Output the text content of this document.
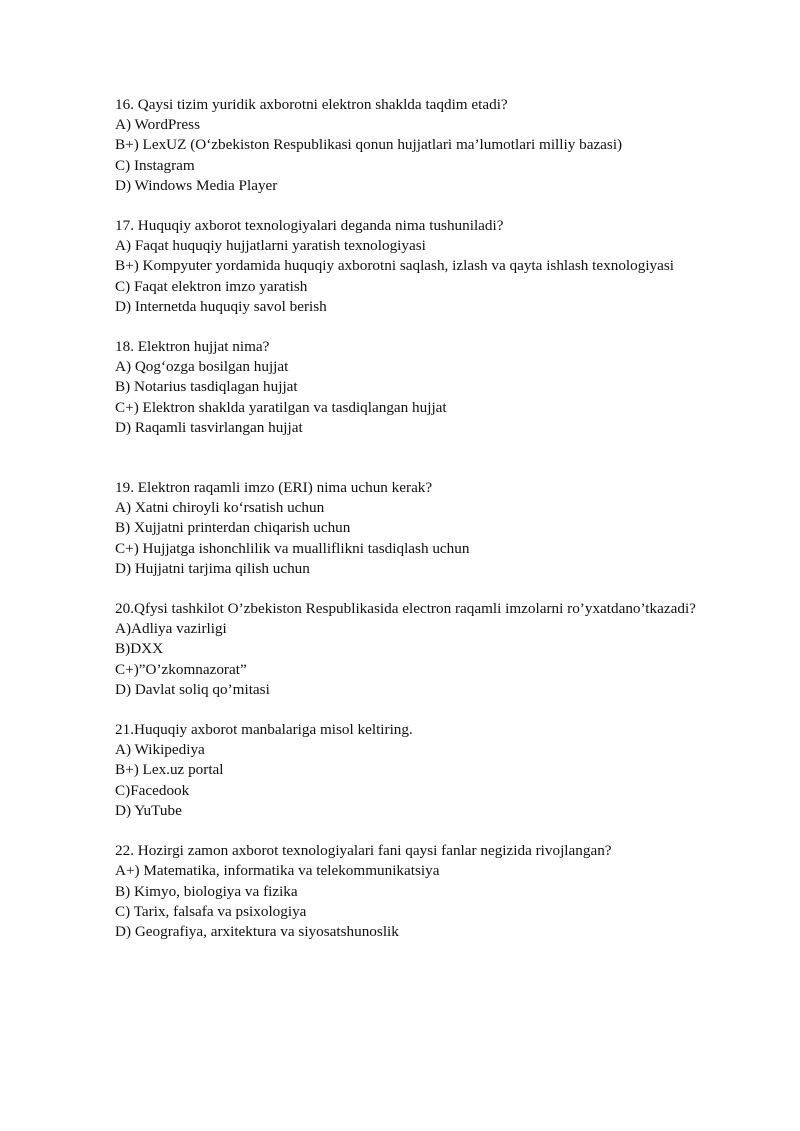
16. Qaysi tizim yuridik axborotni elektron shaklda taqdim etadi?
A) WordPress
B+) LexUZ (O‘zbekiston Respublikasi qonun hujjatlari ma’lumotlari milliy bazasi)
C) Instagram
D) Windows Media Player
17. Huquqiy axborot texnologiyalari deganda nima tushuniladi?
A) Faqat huquqiy hujjatlarni yaratish texnologiyasi
B+) Kompyuter yordamida huquqiy axborotni saqlash, izlash va qayta ishlash texnologiyasi
C) Faqat elektron imzo yaratish
D) Internetda huquqiy savol berish
18. Elektron hujjat nima?
A) Qog‘ozga bosilgan hujjat
B) Notarius tasdiqlagan hujjat
C+) Elektron shaklda yaratilgan va tasdiqlangan hujjat
D) Raqamli tasvirlangan hujjat
19. Elektron raqamli imzo (ERI) nima uchun kerak?
A) Xatni chiroyli ko‘rsatish uchun
B) Xujjatni printerdan chiqarish uchun
C+) Hujjatga ishonchlilik va mualliflikni tasdiqlash uchun
D) Hujjatni tarjima qilish uchun
20.Qfysi tashkilot O’zbekiston Respublikasida electron raqamli imzolarni ro’yxatdano’tkazadi?
A)Adliya vazirligi
B)DXX
C+)”O’zkomnazorat”
D) Davlat soliq qo’mitasi
21.Huquqiy axborot manbalariga misol keltiring.
A) Wikipediya
B+) Lex.uz portal
C)Facedook
D) YuTube
22. Hozirgi zamon axborot texnologiyalari fani qaysi fanlar negizida rivojlangan?
A+) Matematika, informatika va telekommunikatsiya
B) Kimyo, biologiya va fizika
C) Tarix, falsafa va psixologiya
D) Geografiya, arxitektura va siyosatshunoslik
